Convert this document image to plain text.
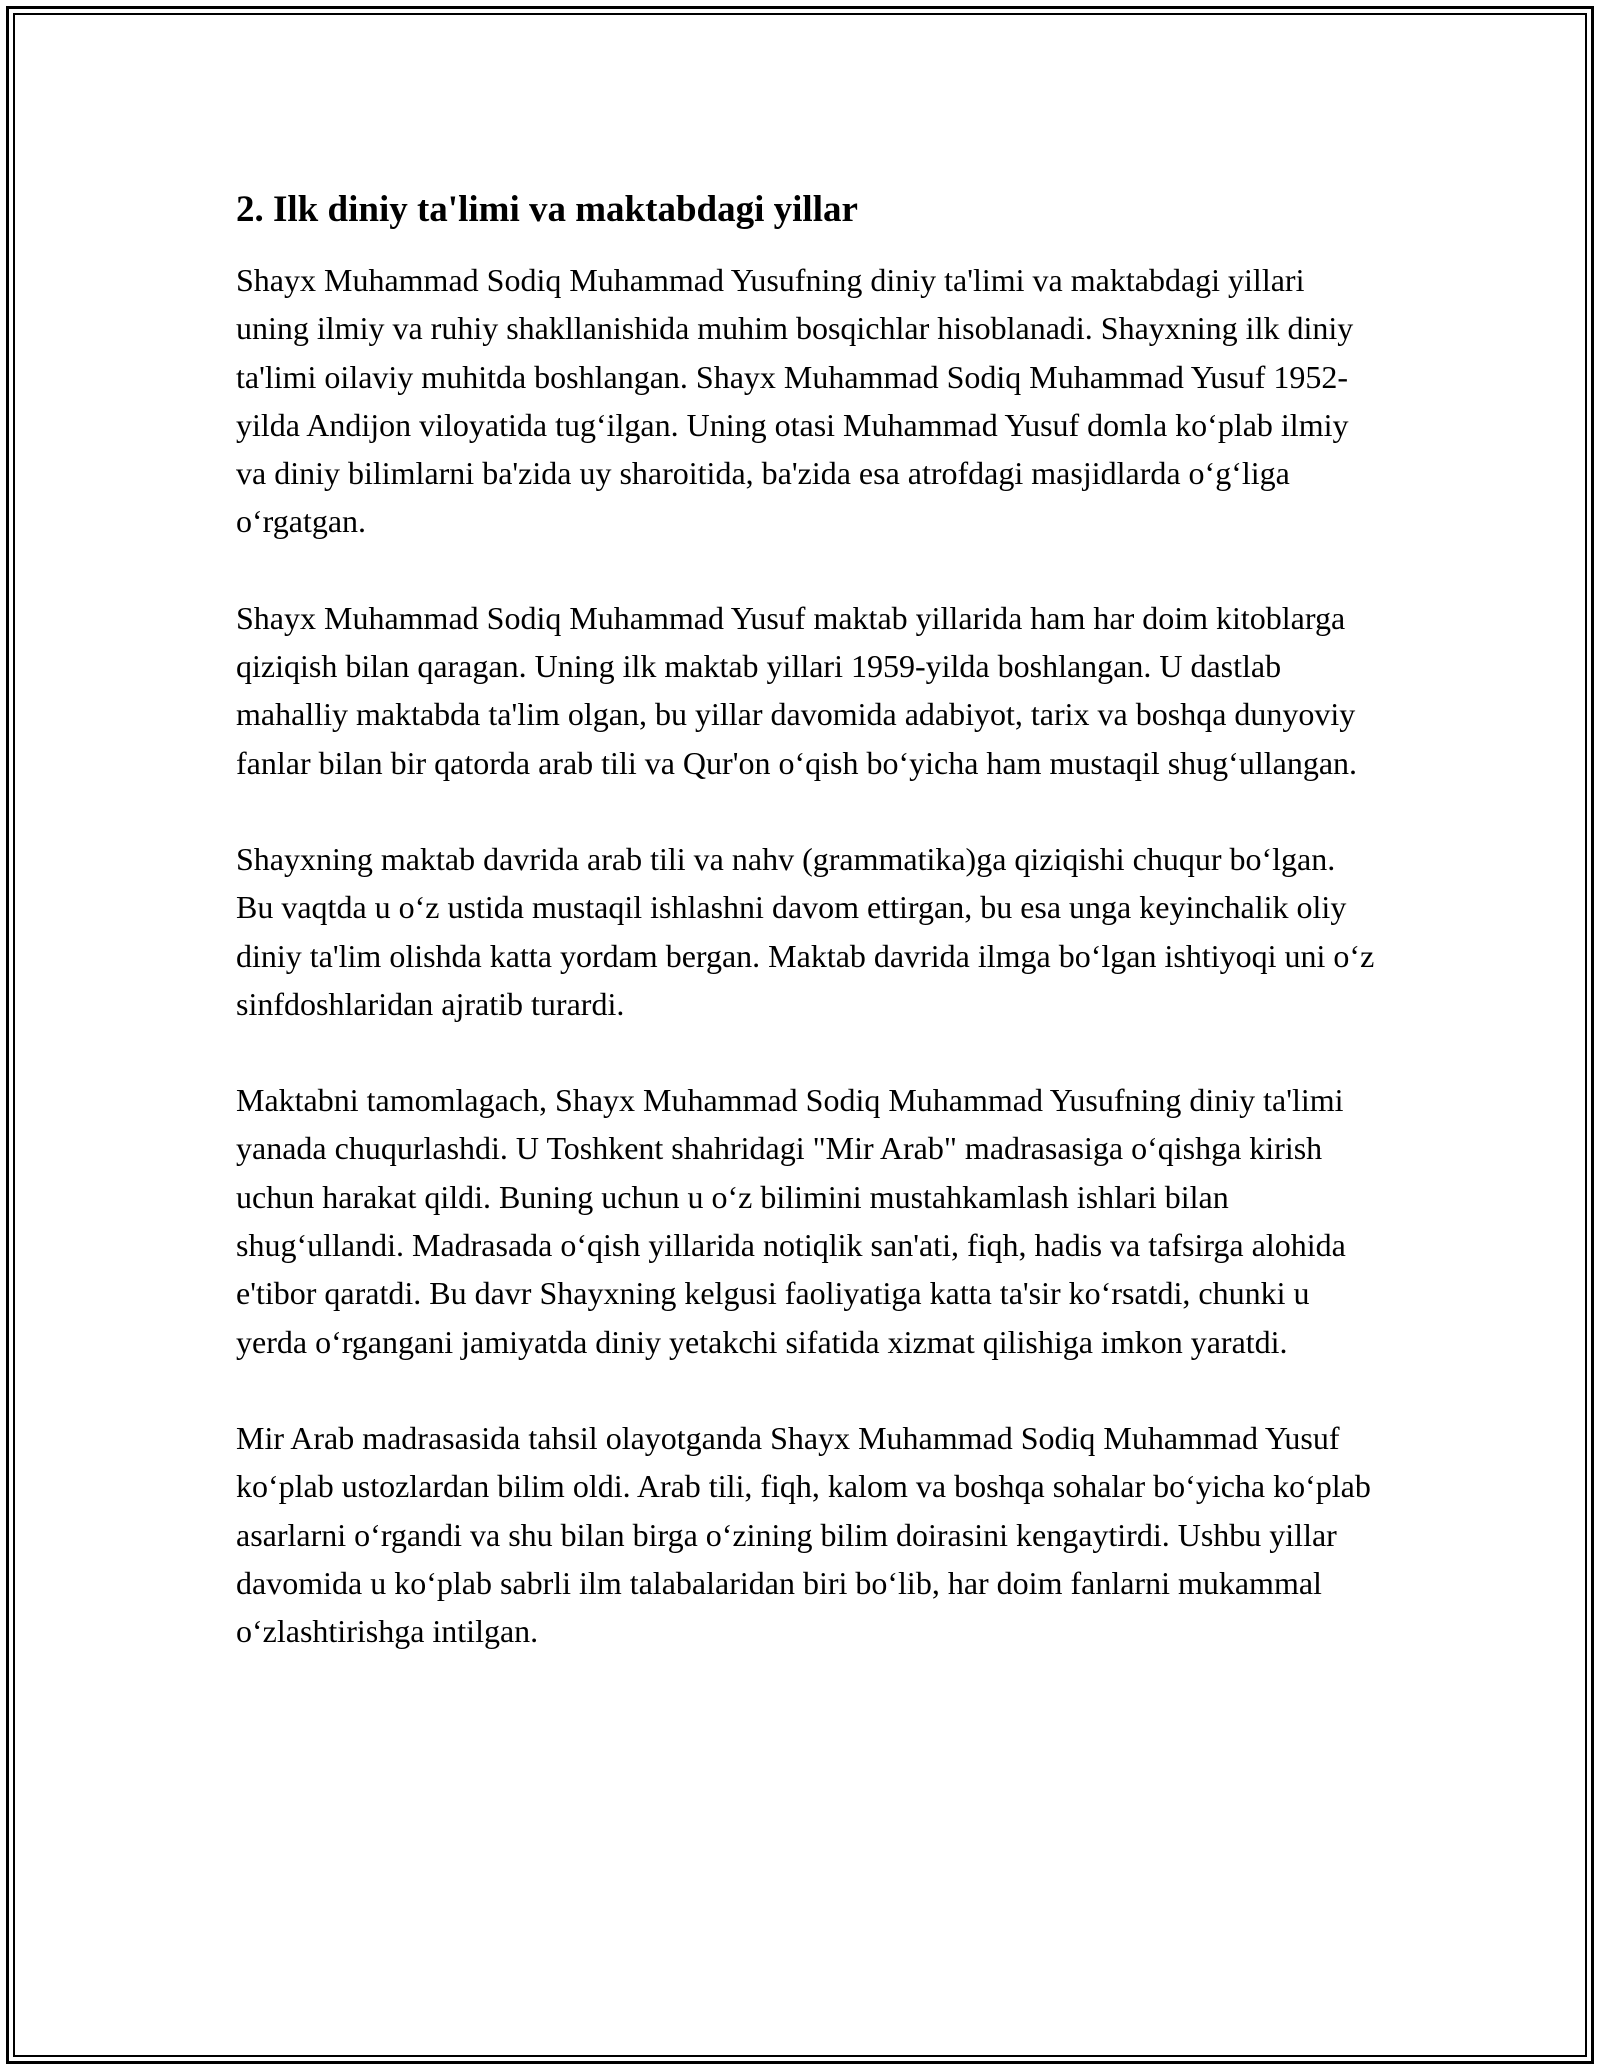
2. Ilk diniy ta'limi va maktabdagi yillar

Shayx Muhammad Sodiq Muhammad Yusufning diniy ta'limi va maktabdagi yillari uning ilmiy va ruhiy shakllanishida muhim bosqichlar hisoblanadi. Shayxning ilk diniy ta'limi oilaviy muhitda boshlangan. Shayx Muhammad Sodiq Muhammad Yusuf 1952-yilda Andijon viloyatida tug‘ilgan. Uning otasi Muhammad Yusuf domla ko‘plab ilmiy va diniy bilimlarni ba'zida uy sharoitida, ba'zida esa atrofdagi masjidlarda o‘g‘liga o‘rgatgan.

Shayx Muhammad Sodiq Muhammad Yusuf maktab yillarida ham har doim kitoblarga qiziqish bilan qaragan. Uning ilk maktab yillari 1959-yilda boshlangan. U dastlab mahalliy maktabda ta'lim olgan, bu yillar davomida adabiyot, tarix va boshqa dunyoviy fanlar bilan bir qatorda arab tili va Qur'on o‘qish bo‘yicha ham mustaqil shug‘ullangan.

Shayxning maktab davrida arab tili va nahv (grammatika)ga qiziqishi chuqur bo‘lgan. Bu vaqtda u o‘z ustida mustaqil ishlashni davom ettirgan, bu esa unga keyinchalik oliy diniy ta'lim olishda katta yordam bergan. Maktab davrida ilmga bo‘lgan ishtiyoqi uni o‘z sinfdoshlaridan ajratib turardi.

Maktabni tamomlagach, Shayx Muhammad Sodiq Muhammad Yusufning diniy ta'limi yanada chuqurlashdi. U Toshkent shahridagi "Mir Arab" madrasasiga o‘qishga kirish uchun harakat qildi. Buning uchun u o‘z bilimini mustahkamlash ishlari bilan shug‘ullandi. Madrasada o‘qish yillarida notiqlik san'ati, fiqh, hadis va tafsirga alohida e'tibor qaratdi. Bu davr Shayxning kelgusi faoliyatiga katta ta'sir ko‘rsatdi, chunki u yerda o‘rgangani jamiyatda diniy yetakchi sifatida xizmat qilishiga imkon yaratdi.

Mir Arab madrasasida tahsil olayotganda Shayx Muhammad Sodiq Muhammad Yusuf ko‘plab ustozlardan bilim oldi. Arab tili, fiqh, kalom va boshqa sohalar bo‘yicha ko‘plab asarlarni o‘rgandi va shu bilan birga o‘zining bilim doirasini kengaytirdi. Ushbu yillar davomida u ko‘plab sabrli ilm talabalaridan biri bo‘lib, har doim fanlarni mukammal o‘zlashtirishga intilgan.
